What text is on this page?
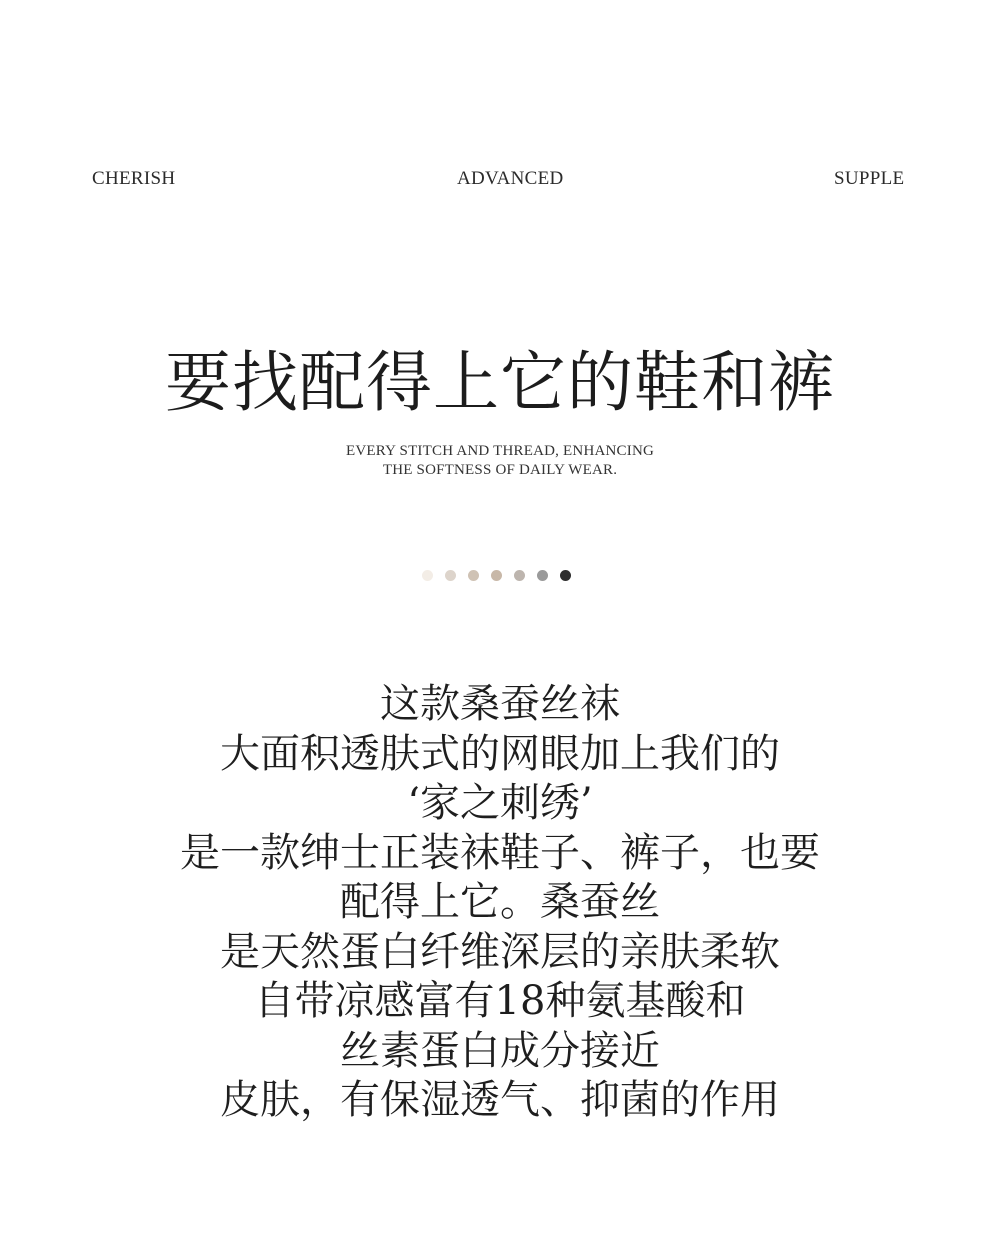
CHERISH	ADVANCED	SUPPLE
要找配得上它的鞋和裤
EVERY STITCH AND THREAD, ENHANCING
THE SOFTNESS OF DAILY WEAR.
这款桑蚕丝袜
大面积透肤式的网眼加上我们的
‘家之刺绣’
是一款绅士正装袜鞋子、裤子，也要
配得上它。桑蚕丝
是天然蛋白纤维深层的亲肤柔软
自带凉感富有18种氨基酸和
丝素蛋白成分接近
皮肤，有保湿透气、抑菌的作用
